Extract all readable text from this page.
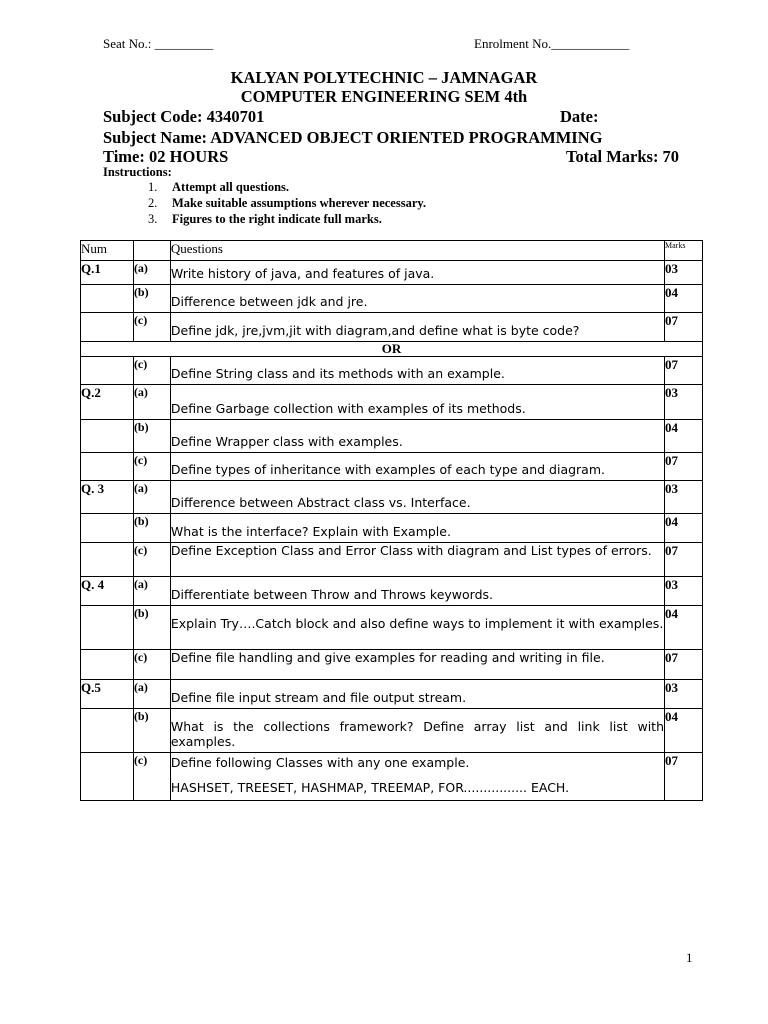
Seat No.: _________	Enrolment No.____________
KALYAN POLYTECHNIC – JAMNAGAR
COMPUTER ENGINEERING SEM 4th
Subject Code: 4340701	Date:
Subject Name: ADVANCED OBJECT ORIENTED PROGRAMMING
Time: 02 HOURS	Total Marks: 70
Instructions:
1. Attempt all questions.
2. Make suitable assumptions wherever necessary.
3. Figures to the right indicate full marks.
Num		Questions	Marks
Q.1	(a)	Write history of java, and features of java.	03
	(b)	Difference between jdk and jre.	04
	(c)	Define jdk, jre,jvm,jit with diagram,and define what is byte code?	07
OR			
	(c)	Define String class and its methods with an example.	07
Q.2	(a)	Define Garbage collection with examples of its methods.	03
	(b)	Define Wrapper class with examples.	04
	(c)	Define types of inheritance with examples of each type and diagram.	07
Q. 3	(a)	Difference between Abstract class vs. Interface.	03
	(b)	What is the interface? Explain with Example.	04
	(c)	Define Exception Class and Error Class with diagram and List types of errors.	07
Q. 4	(a)	Differentiate between Throw and Throws keywords.	03
	(b)	Explain Try….Catch block and also define ways to implement it with examples.	04
	(c)	Define file handling and give examples for reading and writing in file.	07
Q.5	(a)	Define file input stream and file output stream.	03
	(b)	What is the collections framework? Define array list and link list with examples.	04
	(c)	Define following Classes with any one example.
HASHSET, TREESET, HASHMAP, TREEMAP, FOR................ EACH.	07
1
